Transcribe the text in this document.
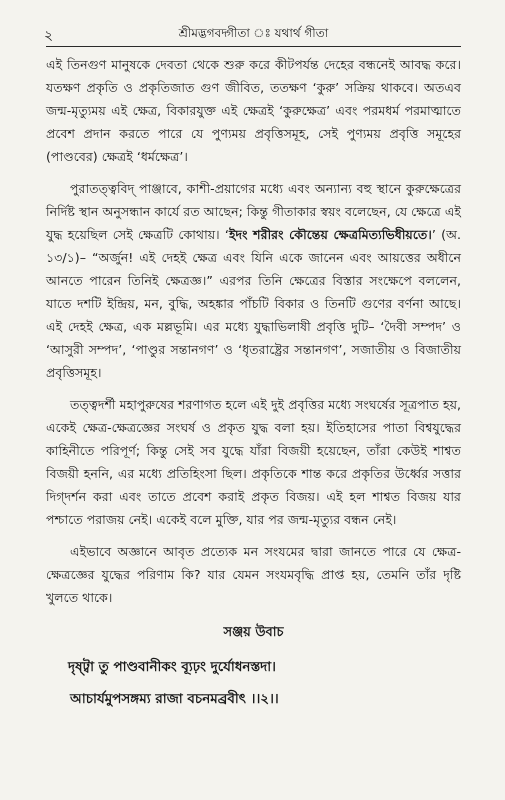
২	শ্রীমদ্ভগবদ্গীতা ঃ যথার্থ গীতা

এই তিনগুণ মানুষকে দেবতা থেকে শুরু করে কীটপর্যন্ত দেহের বন্ধনেই আবদ্ধ করে। যতক্ষণ প্রকৃতি ও প্রকৃতিজাত গুণ জীবিত, ততক্ষণ ‘কুরু’ সক্রিয় থাকবে। অতএব জন্ম-মৃত্যুময় এই ক্ষেত্র, বিকারযুক্ত এই ক্ষেত্রই ‘কুরুক্ষেত্র’ এবং পরমধর্ম পরমাত্মাতে প্রবেশ প্রদান করতে পারে যে পুণ্যময় প্রবৃত্তিসমূহ, সেই পুণ্যময় প্রবৃত্তি সমূহের (পাণ্ডবের) ক্ষেত্রই ‘ধর্মক্ষেত্র’।

পুরাতত্ত্ববিদ্ পাঞ্জাবে, কাশী-প্রয়াগের মধ্যে এবং অন্যান্য বহু স্থানে কুরুক্ষেত্রের নির্দিষ্ট স্থান অনুসন্ধান কার্যে রত আছেন; কিন্তু গীতাকার স্বয়ং বলেছেন, যে ক্ষেত্রে এই যুদ্ধ হয়েছিল সেই ক্ষেত্রটি কোথায়। ‘ইদং শরীরং কৌন্তেয় ক্ষেত্রমিত্যভিধীয়তে।’ (অ. ১৩/১)– “অর্জুন! এই দেহই ক্ষেত্র এবং যিনি একে জানেন এবং আয়ত্তের অধীনে আনতে পারেন তিনিই ক্ষেত্রজ্ঞ।” এরপর তিনি ক্ষেত্রের বিস্তার সংক্ষেপে বললেন, যাতে দশটি ইন্দ্রিয়, মন, বুদ্ধি, অহঙ্কার পাঁচটি বিকার ও তিনটি গুণের বর্ণনা আছে। এই দেহই ক্ষেত্র, এক মল্লভূমি। এর মধ্যে যুদ্ধাভিলাষী প্রবৃত্তি দুটি– ‘দৈবী সম্পদ’ ও ‘আসুরী সম্পদ’, ‘পাণ্ডুর সন্তানগণ’ ও ‘ধৃতরাষ্ট্রের সন্তানগণ’, সজাতীয় ও বিজাতীয় প্রবৃত্তিসমূহ।

তত্ত্বদর্শী মহাপুরুষের শরণাগত হলে এই দুই প্রবৃত্তির মধ্যে সংঘর্ষের সূত্রপাত হয়, একেই ক্ষেত্র-ক্ষেত্রজ্ঞের সংঘর্ষ ও প্রকৃত যুদ্ধ বলা হয়। ইতিহাসের পাতা বিশ্বযুদ্ধের কাহিনীতে পরিপূর্ণ; কিন্তু সেই সব যুদ্ধে যাঁরা বিজয়ী হয়েছেন, তাঁরা কেউই শাশ্বত বিজয়ী হননি, এর মধ্যে প্রতিহিংসা ছিল। প্রকৃতিকে শান্ত করে প্রকৃতির উর্ধ্বের সত্তার দিগ্‌দর্শন করা এবং তাতে প্রবেশ করাই প্রকৃত বিজয়। এই হল শাশ্বত বিজয় যার পশ্চাতে পরাজয় নেই। একেই বলে মুক্তি, যার পর জন্ম-মৃত্যুর বন্ধন নেই।

এইভাবে অজ্ঞানে আবৃত প্রত্যেক মন সংযমের দ্বারা জানতে পারে যে ক্ষেত্র-ক্ষেত্রজ্ঞের যুদ্ধের পরিণাম কি? যার যেমন সংযমবৃদ্ধি প্রাপ্ত হয়, তেমনি তাঁর দৃষ্টি খুলতে থাকে।

সঞ্জয় উবাচ
দৃষ্ট্বা তু পাণ্ডবানীকং ব্যূঢ়ং দুর্যোধনস্তদা।
আচার্যমুপসঙ্গম্য রাজা বচনমব্রবীৎ ।।২।।
